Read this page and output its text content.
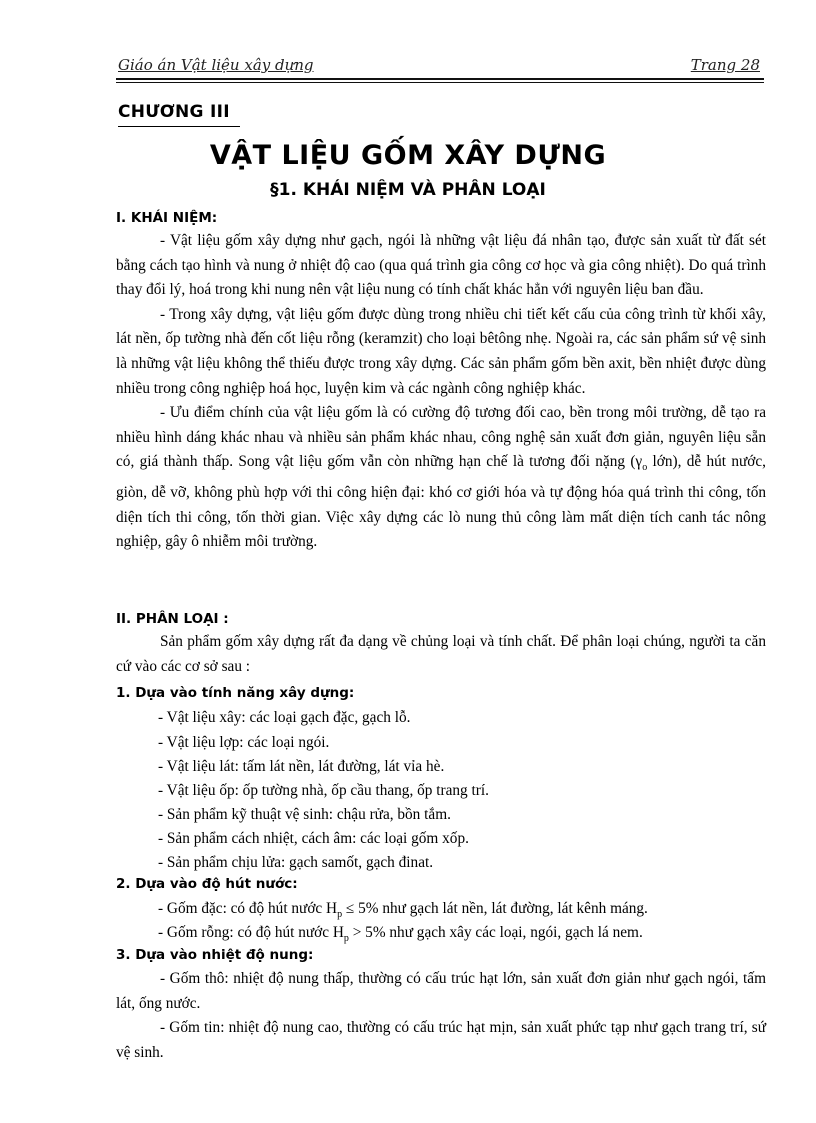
Giáo án Vật liệu xây dựng	Trang 28
CHƯƠNG III
VẬT LIỆU GỐM XÂY DỰNG
§1. KHÁI NIỆM VÀ PHÂN LOẠI
I. KHÁI NIỆM:

- Vật liệu gốm xây dựng như gạch, ngói là những vật liệu đá nhân tạo, được sản xuất từ đất sét bằng cách tạo hình và nung ở nhiệt độ cao (qua quá trình gia công cơ học và gia công nhiệt). Do quá trình thay đổi lý, hoá trong khi nung nên vật liệu nung có tính chất khác hẳn với nguyên liệu ban đầu.

- Trong xây dựng, vật liệu gốm được dùng trong nhiều chi tiết kết cấu của công trình từ khối xây, lát nền, ốp tường nhà đến cốt liệu rỗng (keramzit) cho loại bêtông nhẹ. Ngoài ra, các sản phẩm sứ vệ sinh là những vật liệu không thể thiếu được trong xây dựng. Các sản phẩm gốm bền axit, bền nhiệt được dùng nhiều trong công nghiệp hoá học, luyện kim và các ngành công nghiệp khác.

- Ưu điểm chính của vật liệu gốm là có cường độ tương đối cao, bền trong môi trường, dễ tạo ra nhiều hình dáng khác nhau và nhiều sản phẩm khác nhau, công nghệ sản xuất đơn giản, nguyên liệu sẵn có, giá thành thấp. Song vật liệu gốm vẫn còn những hạn chế là tương đối nặng ($\gamma_o$ lớn), dễ hút nước, giòn, dễ vỡ, không phù hợp với thi công hiện đại: khó cơ giới hóa và tự động hóa quá trình thi công, tốn diện tích thi công, tốn thời gian. Việc xây dựng các lò nung thủ công làm mất diện tích canh tác nông nghiệp, gây ô nhiễm môi trường.

II. PHÂN LOẠI :

Sản phẩm gốm xây dựng rất đa dạng về chủng loại và tính chất. Để phân loại chúng, người ta căn cứ vào các cơ sở sau :

1. Dựa vào tính năng xây dựng:
- Vật liệu xây: các loại gạch đặc, gạch lỗ.
- Vật liệu lợp: các loại ngói.
- Vật liệu lát: tấm lát nền, lát đường, lát vỉa hè.
- Vật liệu ốp: ốp tường nhà, ốp cầu thang, ốp trang trí.
- Sản phẩm kỹ thuật vệ sinh: chậu rửa, bồn tắm.
- Sản phẩm cách nhiệt, cách âm: các loại gốm xốp.
- Sản phẩm chịu lửa: gạch samốt, gạch đinat.
2. Dựa vào độ hút nước:
- Gốm đặc: có độ hút nước $H_p \le 5\%$ như gạch lát nền, lát đường, lát kênh máng.
- Gốm rỗng: có độ hút nước $H_p > 5\%$ như gạch xây các loại, ngói, gạch lá nem.
3. Dựa vào nhiệt độ nung:

- Gốm thô: nhiệt độ nung thấp, thường có cấu trúc hạt lớn, sản xuất đơn giản như gạch ngói, tấm lát, ống nước.

- Gốm tin: nhiệt độ nung cao, thường có cấu trúc hạt mịn, sản xuất phức tạp như gạch trang trí, sứ vệ sinh.
